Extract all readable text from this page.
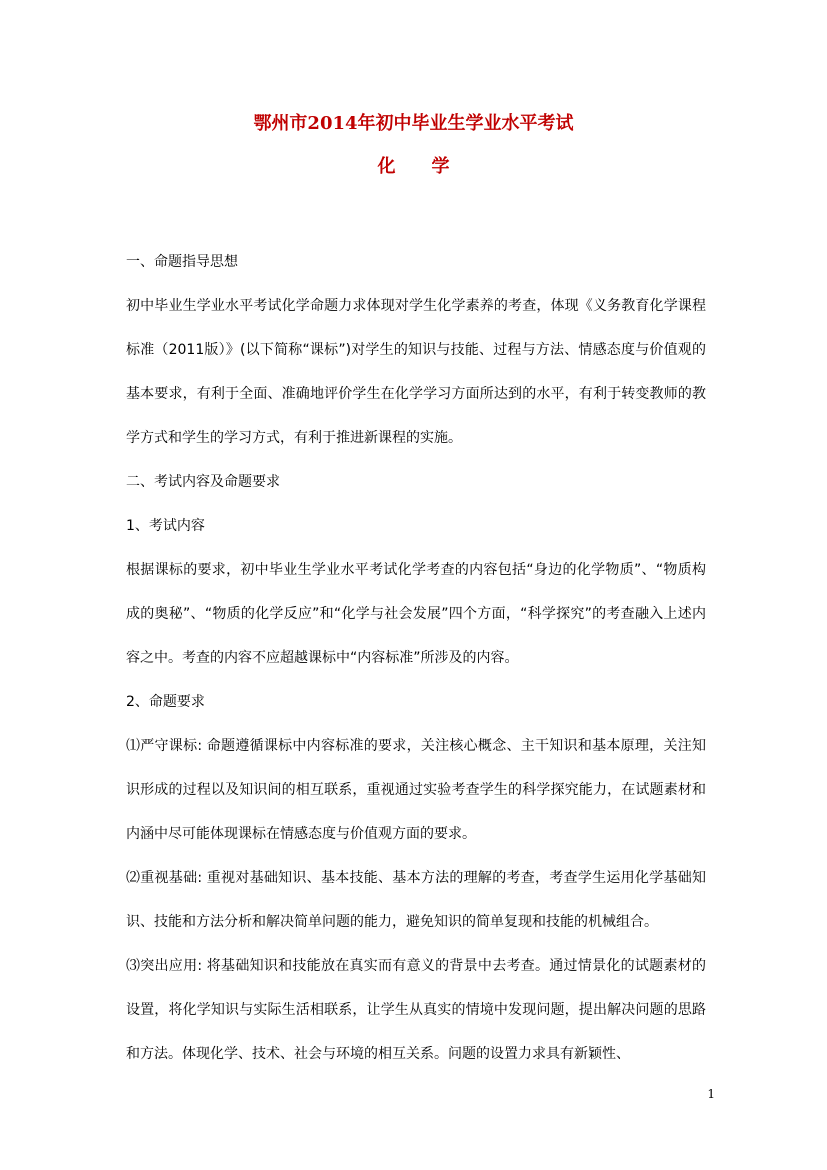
鄂州市2014年初中毕业生学业水平考试
化 学

一、命题指导思想

初中毕业生学业水平考试化学命题力求体现对学生化学素养的考查，体现《义务教育化学课程标准（2011版）》(以下简称“课标”)对学生的知识与技能、过程与方法、情感态度与价值观的基本要求，有利于全面、准确地评价学生在化学学习方面所达到的水平，有利于转变教师的教学方式和学生的学习方式，有利于推进新课程的实施。

二、考试内容及命题要求

1、考试内容

根据课标的要求，初中毕业生学业水平考试化学考查的内容包括“身边的化学物质”、“物质构成的奥秘”、“物质的化学反应”和“化学与社会发展”四个方面，“科学探究”的考查融入上述内容之中。考查的内容不应超越课标中“内容标准”所涉及的内容。

2、命题要求

⑴严守课标: 命题遵循课标中内容标准的要求，关注核心概念、主干知识和基本原理，关注知识形成的过程以及知识间的相互联系，重视通过实验考查学生的科学探究能力，在试题素材和内涵中尽可能体现课标在情感态度与价值观方面的要求。

⑵重视基础: 重视对基础知识、基本技能、基本方法的理解的考查，考查学生运用化学基础知识、技能和方法分析和解决简单问题的能力，避免知识的简单复现和技能的机械组合。

⑶突出应用: 将基础知识和技能放在真实而有意义的背景中去考查。通过情景化的试题素材的设置，将化学知识与实际生活相联系，让学生从真实的情境中发现问题，提出解决问题的思路和方法。体现化学、技术、社会与环境的相互关系。问题的设置力求具有新颖性、

1
